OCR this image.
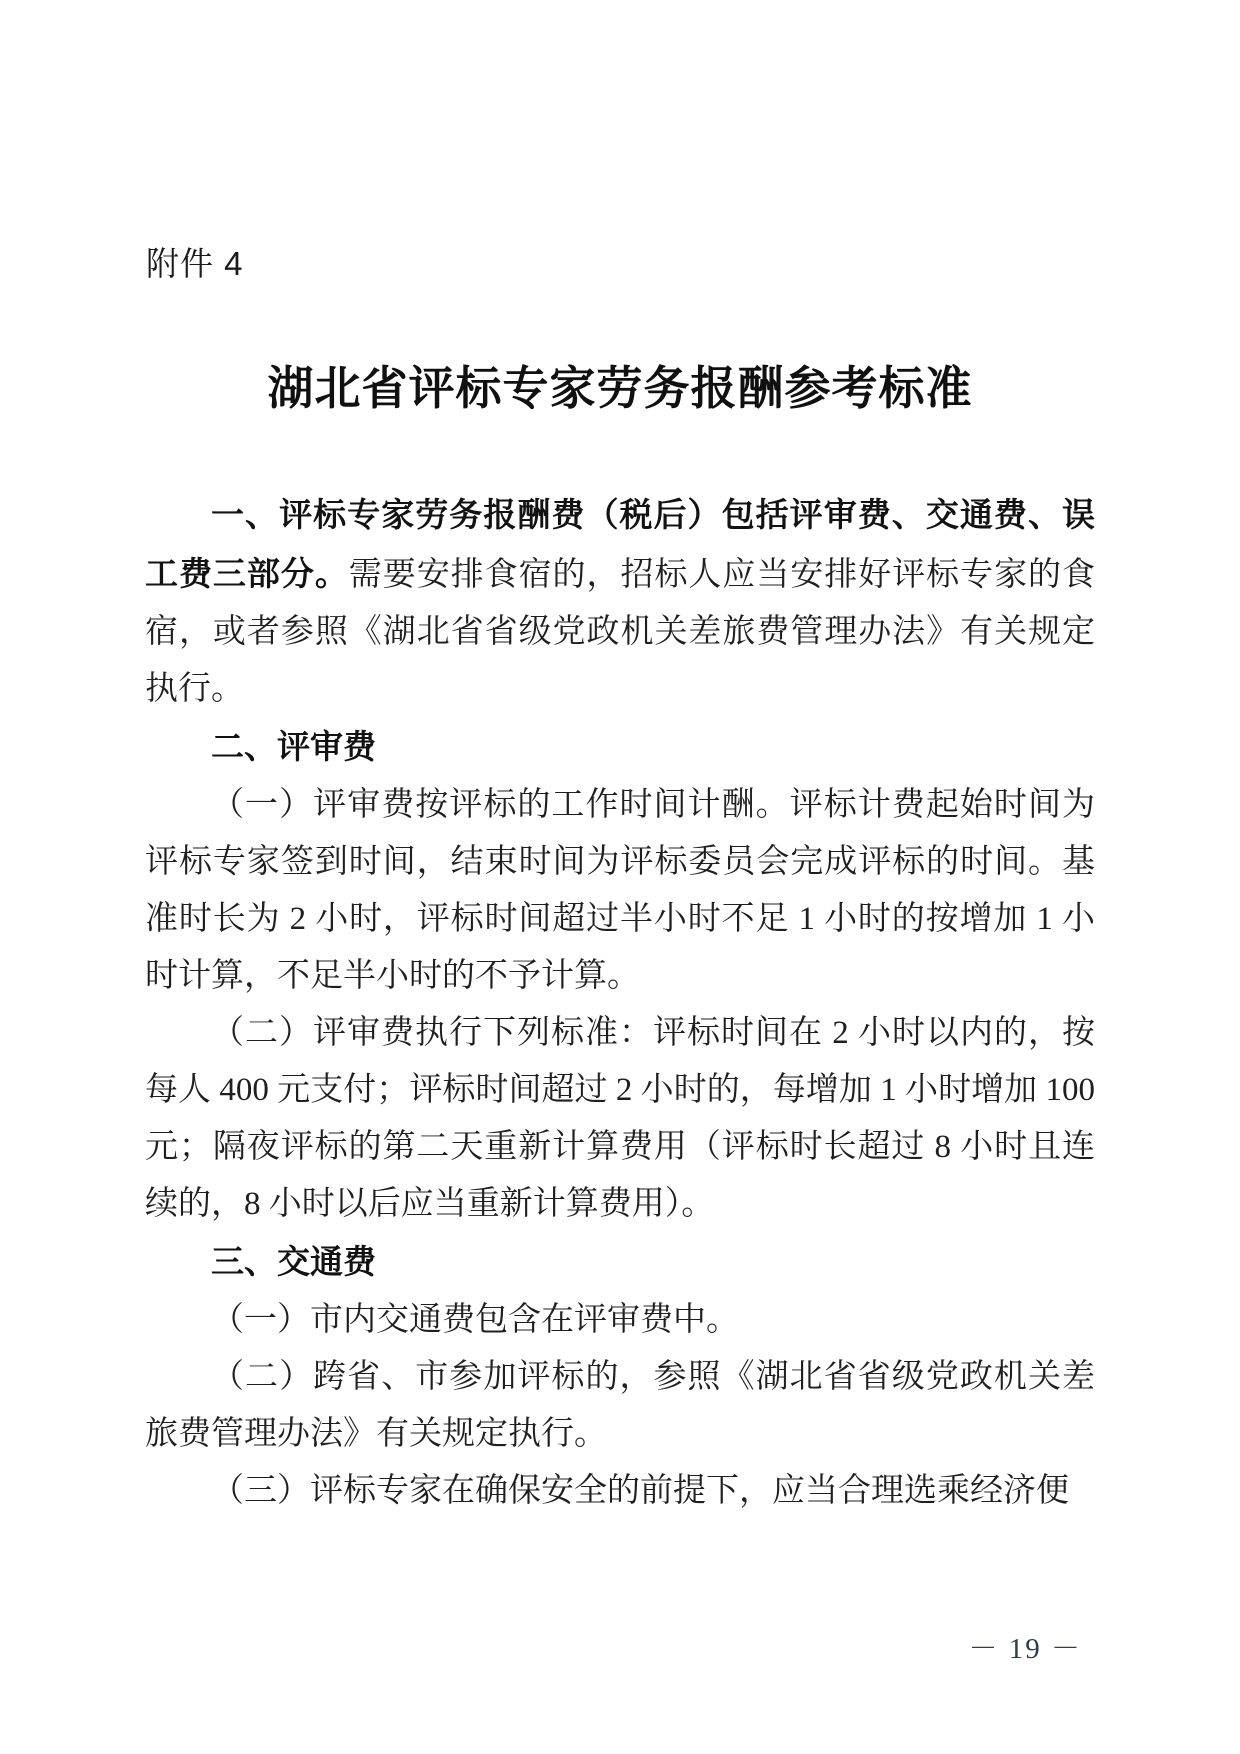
附件 4
湖北省评标专家劳务报酬参考标准

一、评标专家劳务报酬费（税后）包括评审费、交通费、误工费三部分。需要安排食宿的，招标人应当安排好评标专家的食宿，或者参照《湖北省省级党政机关差旅费管理办法》有关规定执行。

二、评审费

（一）评审费按评标的工作时间计酬。评标计费起始时间为评标专家签到时间，结束时间为评标委员会完成评标的时间。基准时长为 2 小时，评标时间超过半小时不足 1 小时的按增加 1 小时计算，不足半小时的不予计算。

（二）评审费执行下列标准：评标时间在 2 小时以内的，按每人 400 元支付；评标时间超过 2 小时的，每增加 1 小时增加 100 元；隔夜评标的第二天重新计算费用（评标时长超过 8 小时且连续的，8 小时以后应当重新计算费用）。

三、交通费

（一）市内交通费包含在评审费中。

（二）跨省、市参加评标的，参照《湖北省省级党政机关差旅费管理办法》有关规定执行。

（三）评标专家在确保安全的前提下，应当合理选乘经济便

－ 19 －
